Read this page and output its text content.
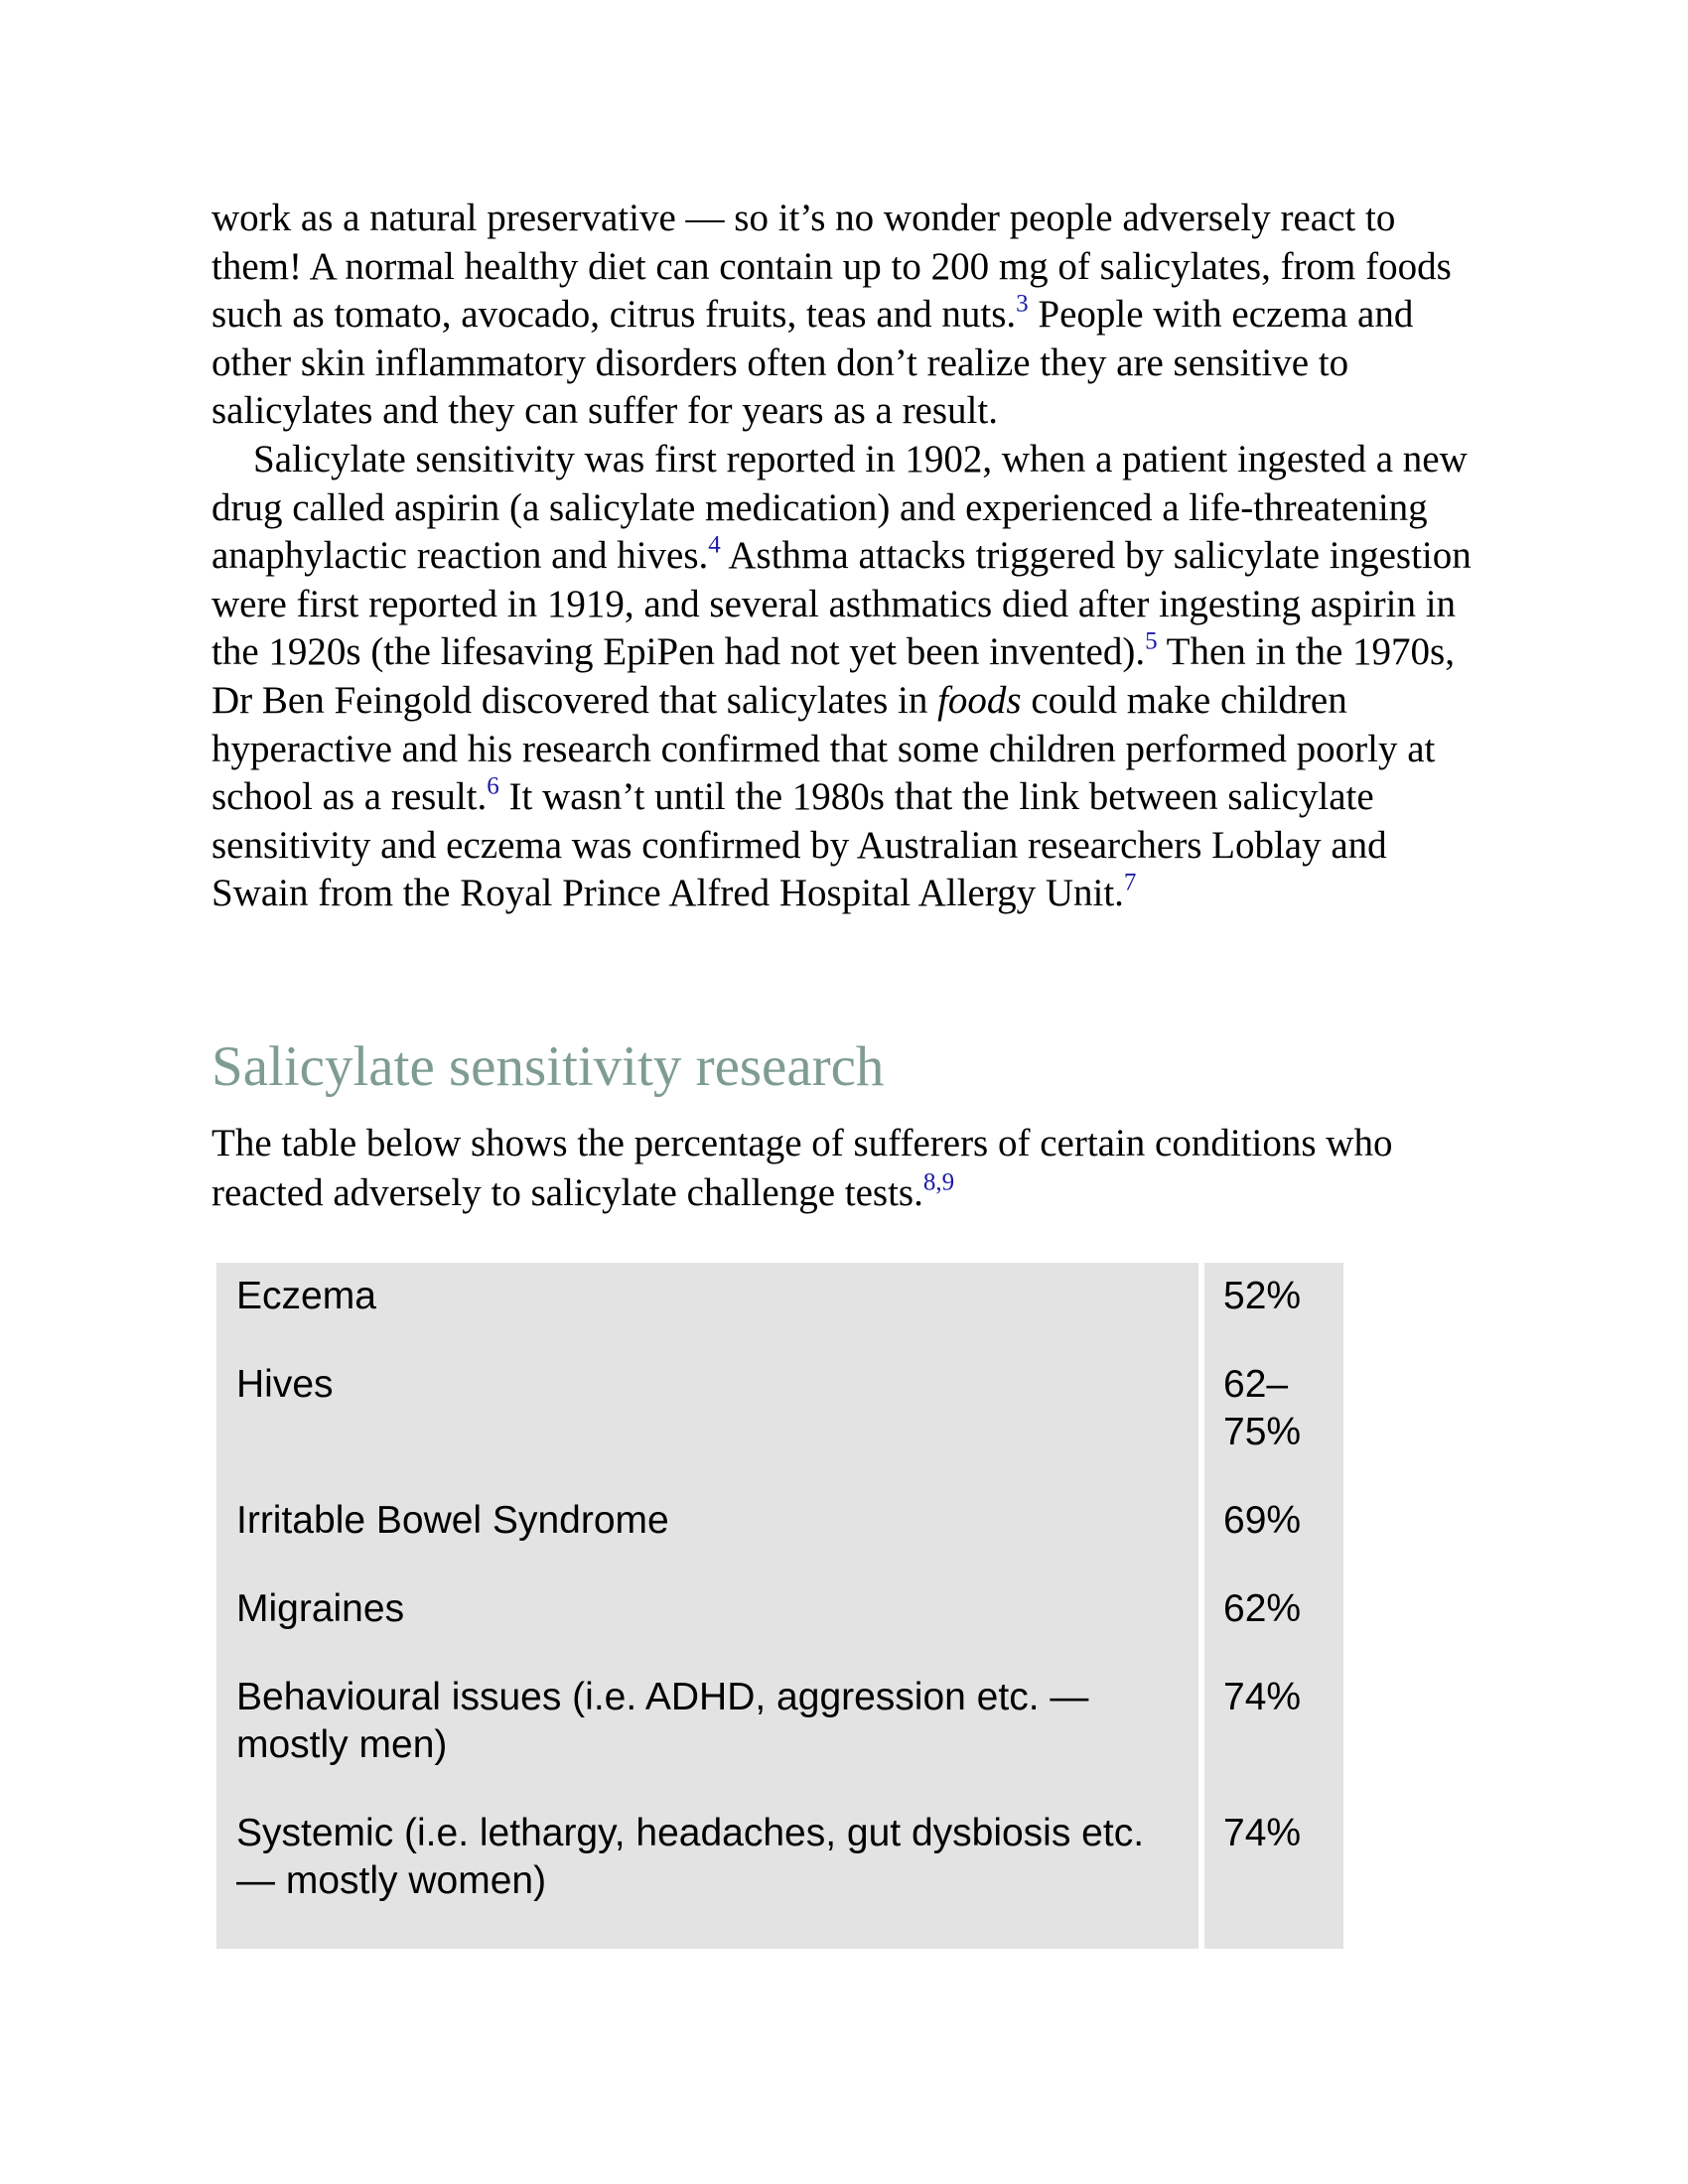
work as a natural preservative — so it’s no wonder people adversely react to them! A normal healthy diet can contain up to 200 mg of salicylates, from foods such as tomato, avocado, citrus fruits, teas and nuts.$^3$ People with eczema and other skin inflammatory disorders often don’t realize they are sensitive to salicylates and they can suffer for years as a result.

Salicylate sensitivity was first reported in 1902, when a patient ingested a new drug called aspirin (a salicylate medication) and experienced a life-threatening anaphylactic reaction and hives.$^4$ Asthma attacks triggered by salicylate ingestion were first reported in 1919, and several asthmatics died after ingesting aspirin in the 1920s (the lifesaving EpiPen had not yet been invented).$^5$ Then in the 1970s, Dr Ben Feingold discovered that salicylates in foods could make children hyperactive and his research confirmed that some children performed poorly at school as a result.$^6$ It wasn’t until the 1980s that the link between salicylate sensitivity and eczema was confirmed by Australian researchers Loblay and Swain from the Royal Prince Alfred Hospital Allergy Unit.$^7$

Salicylate sensitivity research

The table below shows the percentage of sufferers of certain conditions who reacted adversely to salicylate challenge tests.$^{8,9}$

Eczema	52%
Hives	62–75%
Irritable Bowel Syndrome	69%
Migraines	62%
Behavioural issues (i.e. ADHD, aggression etc. — mostly men)	74%
Systemic (i.e. lethargy, headaches, gut dysbiosis etc. — mostly women)	74%
